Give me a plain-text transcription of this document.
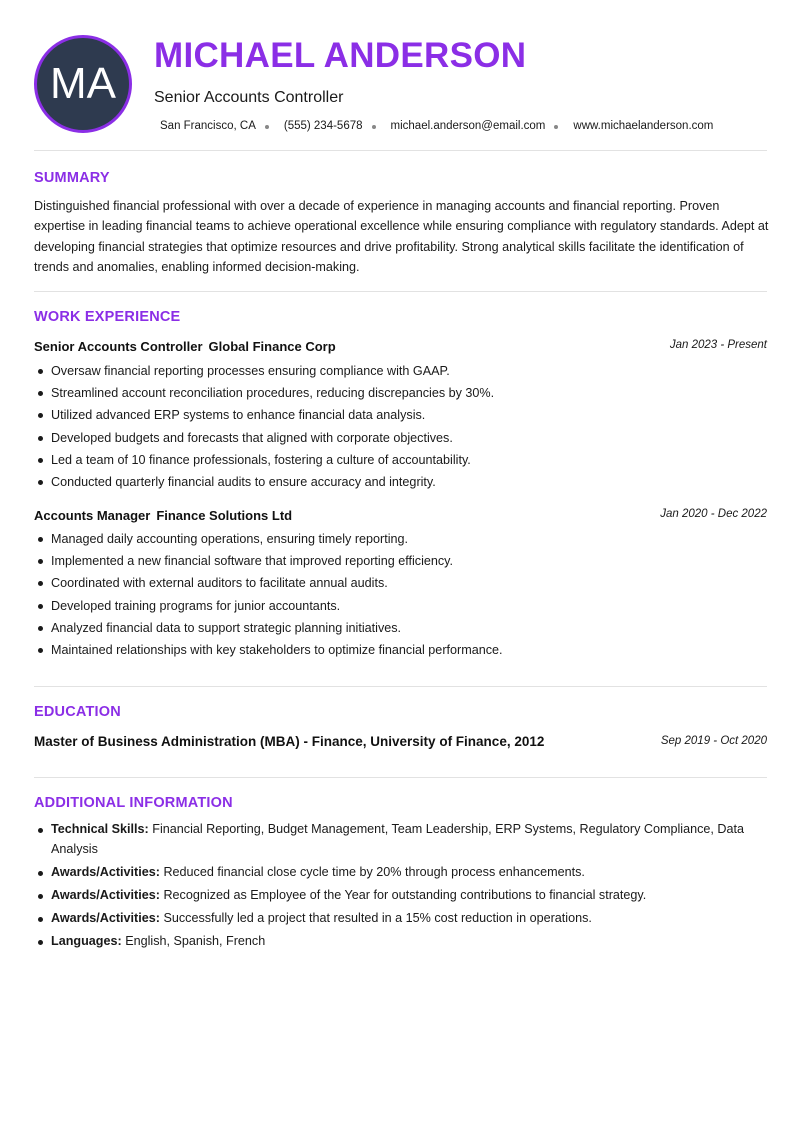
MA
MICHAEL ANDERSON
Senior Accounts Controller
San Francisco, CA (555) 234-5678 michael.anderson@email.com www.michaelanderson.com
SUMMARY
Distinguished financial professional with over a decade of experience in managing accounts and financial reporting. Proven expertise in leading financial teams to achieve operational excellence while ensuring compliance with regulatory standards. Adept at developing financial strategies that optimize resources and drive profitability. Strong analytical skills facilitate the identification of trends and anomalies, enabling informed decision-making.
WORK EXPERIENCE
Senior Accounts Controller Global Finance Corp	Jan 2023 - Present
Oversaw financial reporting processes ensuring compliance with GAAP.
Streamlined account reconciliation procedures, reducing discrepancies by 30%.
Utilized advanced ERP systems to enhance financial data analysis.
Developed budgets and forecasts that aligned with corporate objectives.
Led a team of 10 finance professionals, fostering a culture of accountability.
Conducted quarterly financial audits to ensure accuracy and integrity.
Accounts Manager Finance Solutions Ltd	Jan 2020 - Dec 2022
Managed daily accounting operations, ensuring timely reporting.
Implemented a new financial software that improved reporting efficiency.
Coordinated with external auditors to facilitate annual audits.
Developed training programs for junior accountants.
Analyzed financial data to support strategic planning initiatives.
Maintained relationships with key stakeholders to optimize financial performance.
EDUCATION
Master of Business Administration (MBA) - Finance, University of Finance, 2012	Sep 2019 - Oct 2020
ADDITIONAL INFORMATION
Technical Skills: Financial Reporting, Budget Management, Team Leadership, ERP Systems, Regulatory Compliance, Data Analysis
Awards/Activities: Reduced financial close cycle time by 20% through process enhancements.
Awards/Activities: Recognized as Employee of the Year for outstanding contributions to financial strategy.
Awards/Activities: Successfully led a project that resulted in a 15% cost reduction in operations.
Languages: English, Spanish, French
